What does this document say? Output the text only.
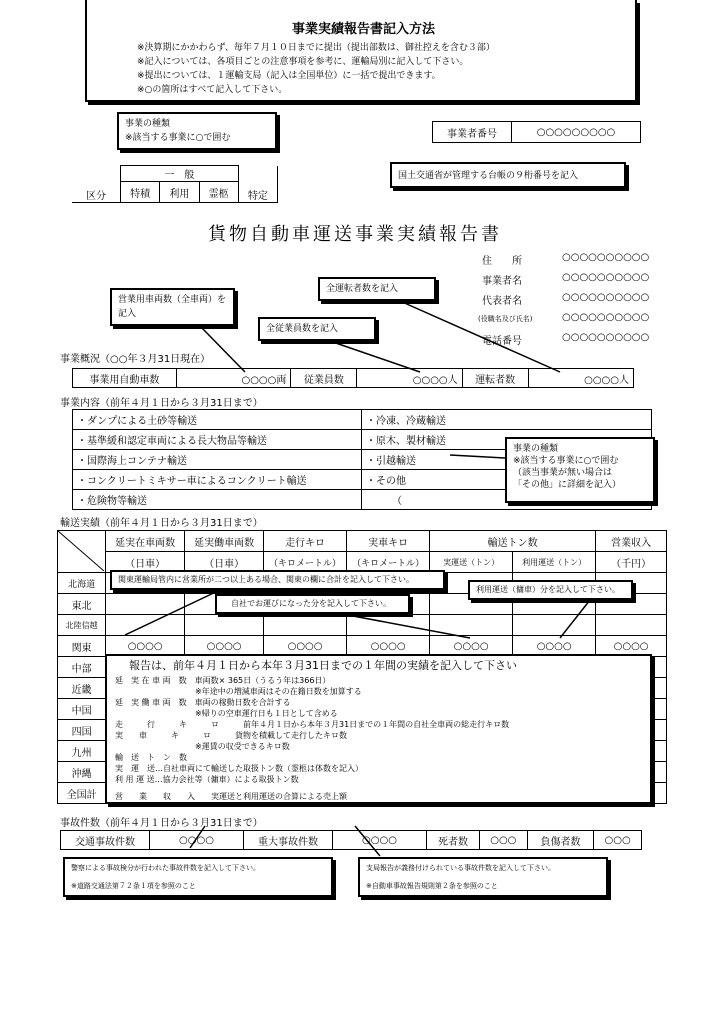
事業実績報告書記入方法
※決算期にかかわらず、毎年７月１０日までに提出（提出部数は、御社控えを含む３部）
※記入については、各項目ごとの注意事項を参考に、運輸局別に記入して下さい。
※提出については、１運輸支局（記入は全国単位）に一括で提出できます。
※○の箇所はすべて記入して下さい。
事業の種類
※該当する事業に○で囲む
区分	一　般			特定
	特積	利用	霊柩	
事業者番号	○○○○○○○○○
国土交通省が管理する台帳の９桁番号を記入
貨物自動車運送事業実績報告書
住　　所	○○○○○○○○○○
事業者名	○○○○○○○○○○
代表者名	○○○○○○○○○○
(役職名及び氏名)	○○○○○○○○○○
電話番号	○○○○○○○○○○
営業用車両数（全車両）を記入
全運転者数を記入
全従業員数を記入
事業概況（○○年３月31日現在）
事業用自動車数	○○○○両	従業員数	○○○○人	運転者数	○○○○人
事業内容（前年４月１日から３月31日まで）
・ダンプによる土砂等輸送	・冷凍、冷蔵輸送
・基準緩和認定車両による長大物品等輸送	・原木、製材輸送
・国際海上コンテナ輸送	・引越輸送
・コンクリートミキサー車によるコンクリート輸送	・その他
・危険物等輸送	（
事業の種類
※該当する事業に○で囲む
（該当事業が無い場合は
「その他」に詳細を記入）
輸送実績（前年４月１日から３月31日まで）
	延実在車両数	延実働車両数	走行キロ	実車キロ	輸送トン数		営業収入
	（日車）	（日車）	（キロメートル）	（キロメートル）	実運送（トン）	利用運送（トン）	（千円）
北海道							
東北							
北陸信越							
関東	○○○○	○○○○	○○○○	○○○○	○○○○	○○○○	○○○○
中部							
近畿							
中国							
四国							
九州							
沖縄							
全国計							
関東運輸局管内に営業所が二つ以上ある場合、関東の欄に合計を記入して下さい。
自社でお運びになった分を記入して下さい。
利用運送（傭車）分を記入して下さい。
報告は、前年４月１日から本年３月31日までの１年間の実績を記入して下さい
延　実 在 車 両　数　車両数× 365日（うるう年は366日）
　　　　　　　　　　※年途中の増減車両はその在籍日数を加算する
延　実 働 車 両　数　車両の稼動日数を合計する
　　　　　　　　　　※帰りの空車運行日も１日として含める
走　　　行　　　キ　　　ロ　　　前年４月１日から本年３月31日までの１年間の自社全車両の総走行キロ数
実　　車　　　キ　　　ロ　　　貨物を積載して走行したキロ数
　　　　　　　　　　※運賃の収受できるキロ数
輸　送　ト　ン　数
実　運　送…自社車両にて輸送した取扱トン数（霊柩は体数を記入）
利 用 運 送…協力会社等（傭車）による取扱トン数
営　　業　　収　　入　　実運送と利用運送の合算による売上額
事故件数（前年４月１日から３月31日まで）
交通事故件数	○○○○	重大事故件数	○○○○	死者数	○○○	負傷者数	○○○
警察による事故検分が行われた事故件数を記入して下さい。
※道路交通法第７２条１項を参照のこと
支局報告が義務付けられている事故件数を記入して下さい。
※自動車事故報告規則第２条を参照のこと
